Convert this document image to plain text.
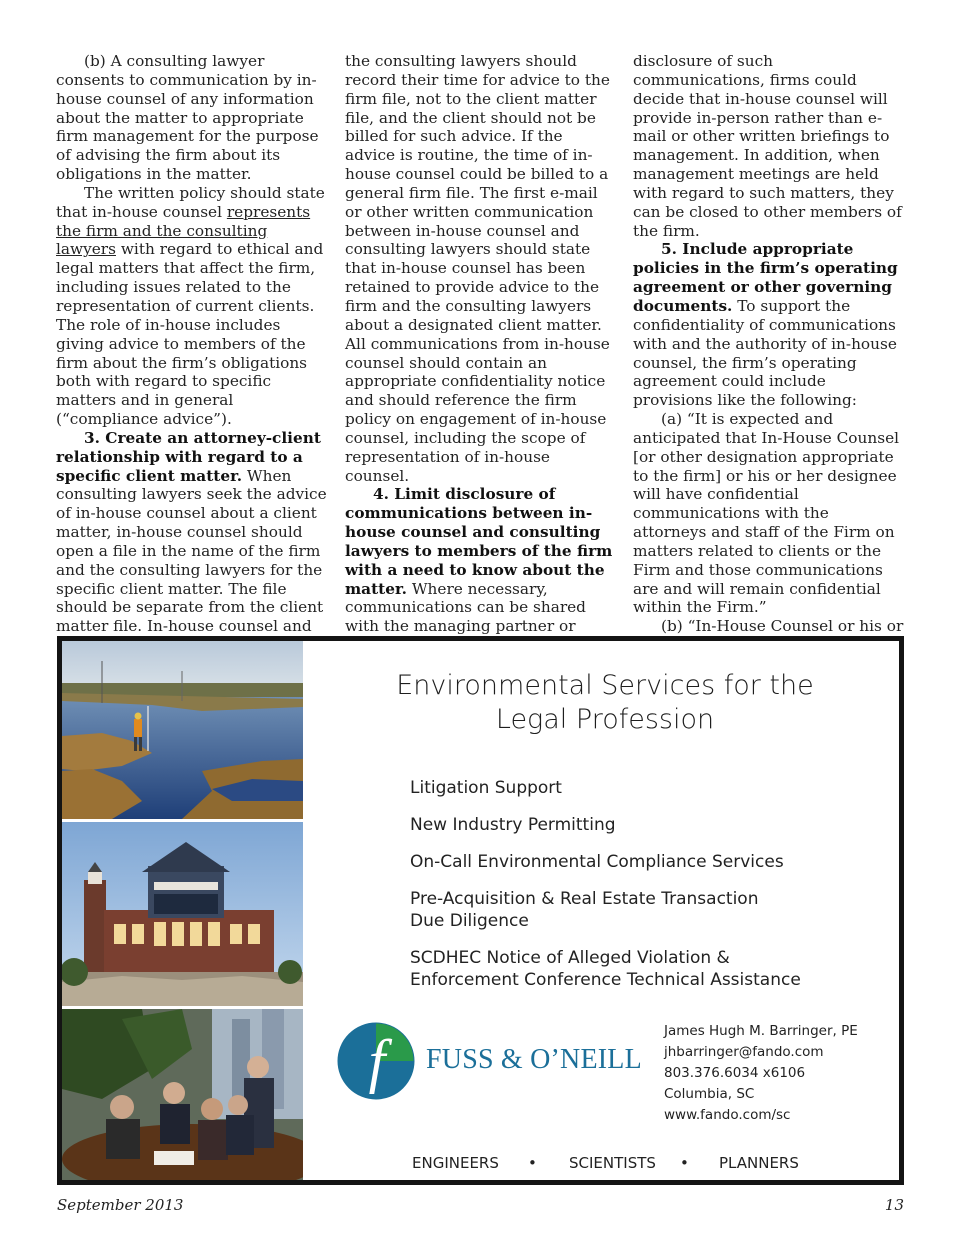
(b) A consulting lawyer consents to communication by in-house counsel of any information about the matter to appropriate firm management for the purpose of advising the firm about its obligations in the matter.

The written policy should state that in-house counsel represents the firm and the consulting lawyers with regard to ethical and legal matters that affect the firm, including issues related to the representation of current clients. The role of in-house includes giving advice to members of the firm about the firm’s obligations both with regard to specific matters and in general (“compliance advice”).

3. Create an attorney-client relationship with regard to a specific client matter. When consulting lawyers seek the advice of in-house counsel about a client matter, in-house counsel should open a file in the name of the firm and the consulting lawyers for the specific client matter. The file should be separate from the client matter file. In-house counsel and

the consulting lawyers should record their time for advice to the firm file, not to the client matter file, and the client should not be billed for such advice. If the advice is routine, the time of in-house counsel could be billed to a general firm file. The first e-mail or other written communication between in-house counsel and consulting lawyers should state that in-house counsel has been retained to provide advice to the firm and the consulting lawyers about a designated client matter. All communications from in-house counsel should contain an appropriate confidentiality notice and should reference the firm policy on engagement of in-house counsel, including the scope of representation of in-house counsel.

4. Limit disclosure of communications between in-house counsel and consulting lawyers to members of the firm with a need to know about the matter. Where necessary, communications can be shared with the managing partner or

disclosure of such communications, firms could decide that in-house counsel will provide in-person rather than e-mail or other written briefings to management. In addition, when management meetings are held with regard to such matters, they can be closed to other members of the firm.

5. Include appropriate policies in the firm’s operating agreement or other governing documents. To support the confidentiality of communications with and the authority of in-house counsel, the firm’s operating agreement could include provisions like the following:

(a) “It is expected and anticipated that In-House Counsel [or other designation appropriate to the firm] or his or her designee will have confidential communications with the attorneys and staff of the Firm on matters related to clients or the Firm and those communications are and will remain confidential within the Firm.”

(b) “In-House Counsel or his or

Environmental Services for the
Legal Profession
Litigation Support
New Industry Permitting
On-Call Environmental Compliance Services
Pre-Acquisition & Real Estate Transaction
Due Diligence
SCDHEC Notice of Alleged Violation &
Enforcement Conference Technical Assistance
f FUSS & O’NEILL
James Hugh M. Barringer, PE
jhbarringer@fando.com
803.376.6034 x6106
Columbia, SC
www.fando.com/sc
ENGINEERS • SCIENTISTS • PLANNERS
September 2013	13
